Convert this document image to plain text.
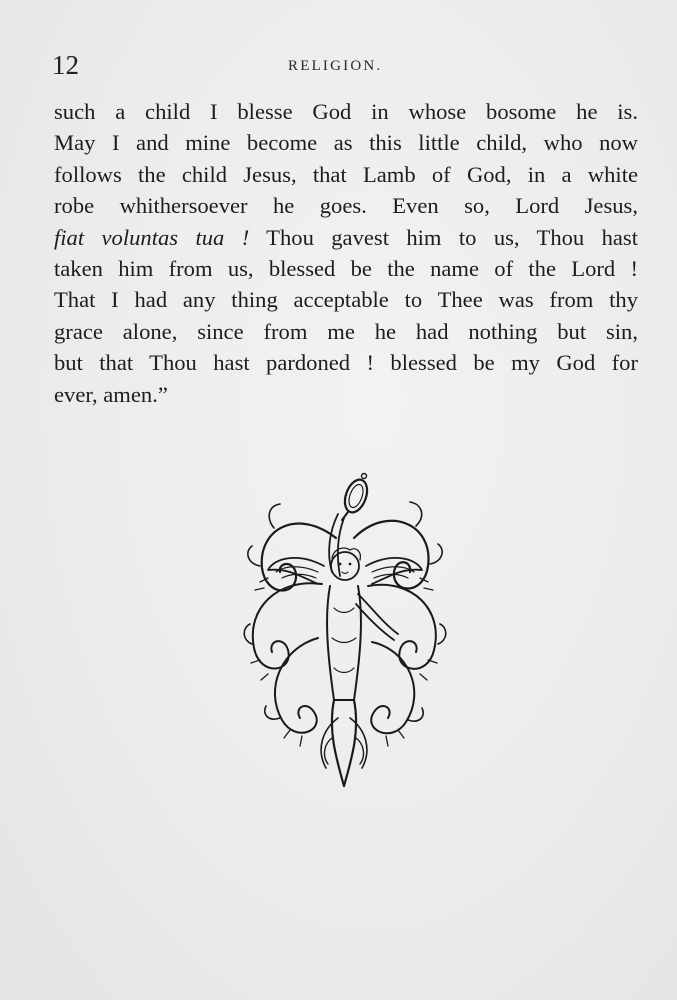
12	RELIGION.
such a child I blesse God in whose bosome he is.
May I and mine become as this little child, who now
follows the child Jesus, that Lamb of God, in a white
robe whithersoever he goes. Even so, Lord Jesus,
fiat voluntas tua ! Thou gavest him to us, Thou hast
taken him from us, blessed be the name of the Lord !
That I had any thing acceptable to Thee was from thy
grace alone, since from me he had nothing but sin,
but that Thou hast pardoned ! blessed be my God for
ever, amen.”
